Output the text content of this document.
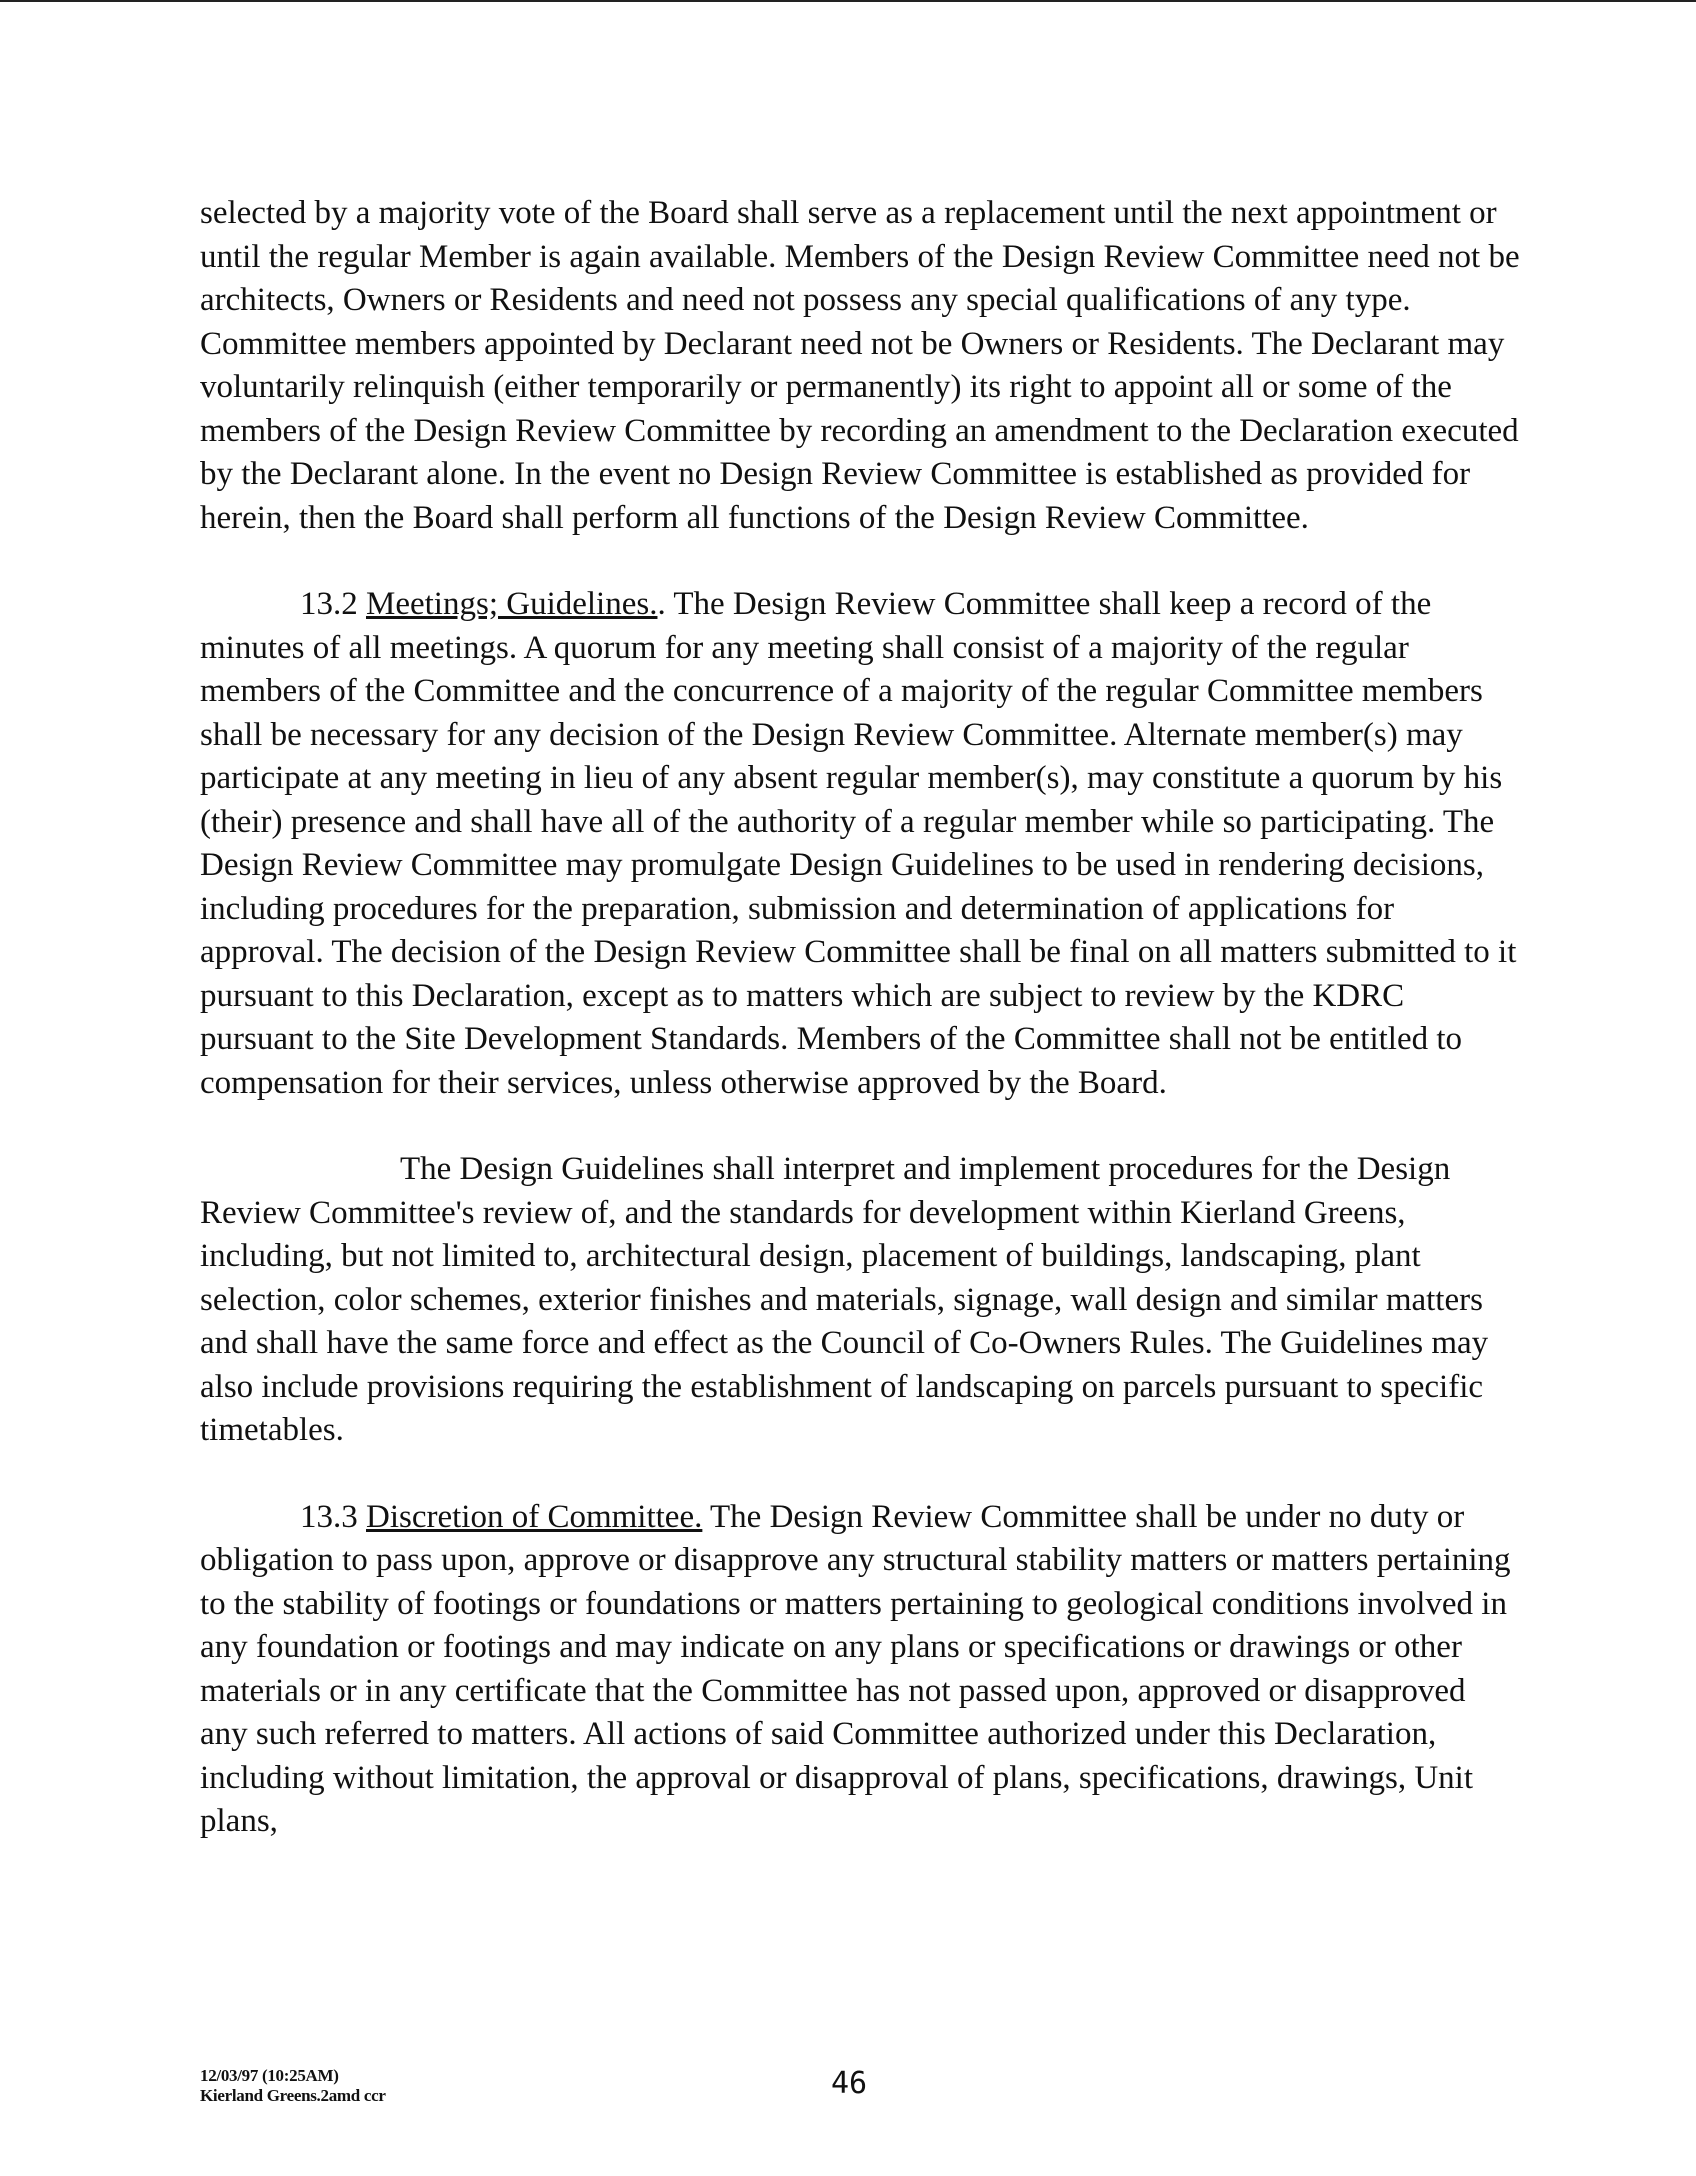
selected by a majority vote of the Board shall serve as a replacement until the next appointment or until the regular Member is again available. Members of the Design Review Committee need not be architects, Owners or Residents and need not possess any special qualifications of any type. Committee members appointed by Declarant need not be Owners or Residents. The Declarant may voluntarily relinquish (either temporarily or permanently) its right to appoint all or some of the members of the Design Review Committee by recording an amendment to the Declaration executed by the Declarant alone. In the event no Design Review Committee is established as provided for herein, then the Board shall perform all functions of the Design Review Committee.

13.2 Meetings; Guidelines.. The Design Review Committee shall keep a record of the minutes of all meetings. A quorum for any meeting shall consist of a majority of the regular members of the Committee and the concurrence of a majority of the regular Committee members shall be necessary for any decision of the Design Review Committee. Alternate member(s) may participate at any meeting in lieu of any absent regular member(s), may constitute a quorum by his (their) presence and shall have all of the authority of a regular member while so participating. The Design Review Committee may promulgate Design Guidelines to be used in rendering decisions, including procedures for the preparation, submission and determination of applications for approval. The decision of the Design Review Committee shall be final on all matters submitted to it pursuant to this Declaration, except as to matters which are subject to review by the KDRC pursuant to the Site Development Standards. Members of the Committee shall not be entitled to compensation for their services, unless otherwise approved by the Board.

The Design Guidelines shall interpret and implement procedures for the Design Review Committee's review of, and the standards for development within Kierland Greens, including, but not limited to, architectural design, placement of buildings, landscaping, plant selection, color schemes, exterior finishes and materials, signage, wall design and similar matters and shall have the same force and effect as the Council of Co-Owners Rules. The Guidelines may also include provisions requiring the establishment of landscaping on parcels pursuant to specific timetables.

13.3 Discretion of Committee. The Design Review Committee shall be under no duty or obligation to pass upon, approve or disapprove any structural stability matters or matters pertaining to the stability of footings or foundations or matters pertaining to geological conditions involved in any foundation or footings and may indicate on any plans or specifications or drawings or other materials or in any certificate that the Committee has not passed upon, approved or disapproved any such referred to matters. All actions of said Committee authorized under this Declaration, including without limitation, the approval or disapproval of plans, specifications, drawings, Unit plans,

12/03/97 (10:25AM)
Kierland Greens.2amd ccr	46
